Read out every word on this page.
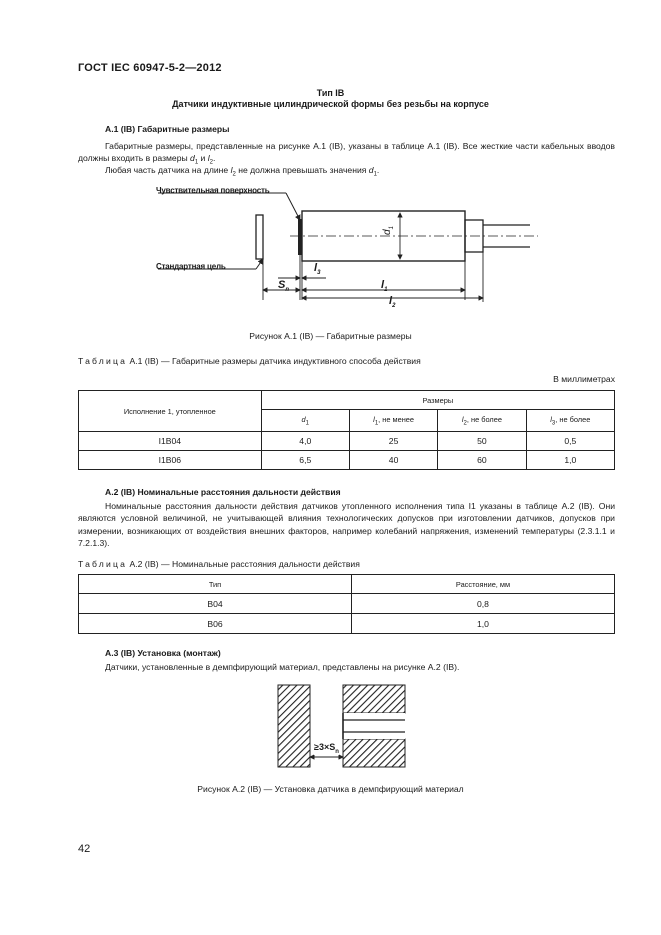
ГОСТ IEC 60947-5-2—2012
Тип IB
Датчики индуктивные цилиндрической формы без резьбы на корпусе
А.1 (IB) Габаритные размеры
Габаритные размеры, представленные на рисунке А.1 (IB), указаны в таблице А.1 (IB). Все жесткие части кабельных вводов должны входить в размеры $d_1$ и $l_2$.
Любая часть датчика на длине $l_2$ не должна превышать значения $d_1$.
Чувствительная поверхность
Стандартная цель
$d_1$
$l_3$
$S_n$	$l_1$
$l_2$
Рисунок А.1 (IB) — Габаритные размеры
Таблица А.1 (IB) — Габаритные размеры датчика индуктивного способа действия
В миллиметрах
Исполнение 1, утопленное	Размеры			
	$d_1$	$l_1$, не менее	$l_2$, не более	$l_3$, не более
I1B04	4,0	25	50	0,5
I1B06	6,5	40	60	1,0
А.2 (IB) Номинальные расстояния дальности действия
Номинальные расстояния дальности действия датчиков утопленного исполнения типа I1 указаны в таблице А.2 (IB). Они являются условной величиной, не учитывающей влияния технологических допусков при изготовлении датчиков, допусков при измерении, возникающих от воздействия внешних факторов, например колебаний напряжения, изменений температуры (2.3.1.1 и 7.2.1.3).
Таблица А.2 (IB) — Номинальные расстояния дальности действия
Тип	Расстояние, мм
B04	0,8
B06	1,0
А.3 (IB) Установка (монтаж)
Датчики, установленные в демпфирующий материал, представлены на рисунке А.2 (IB).
$\ge 3\times S_n$
Рисунок А.2 (IB) — Установка датчика в демпфирующий материал
42
